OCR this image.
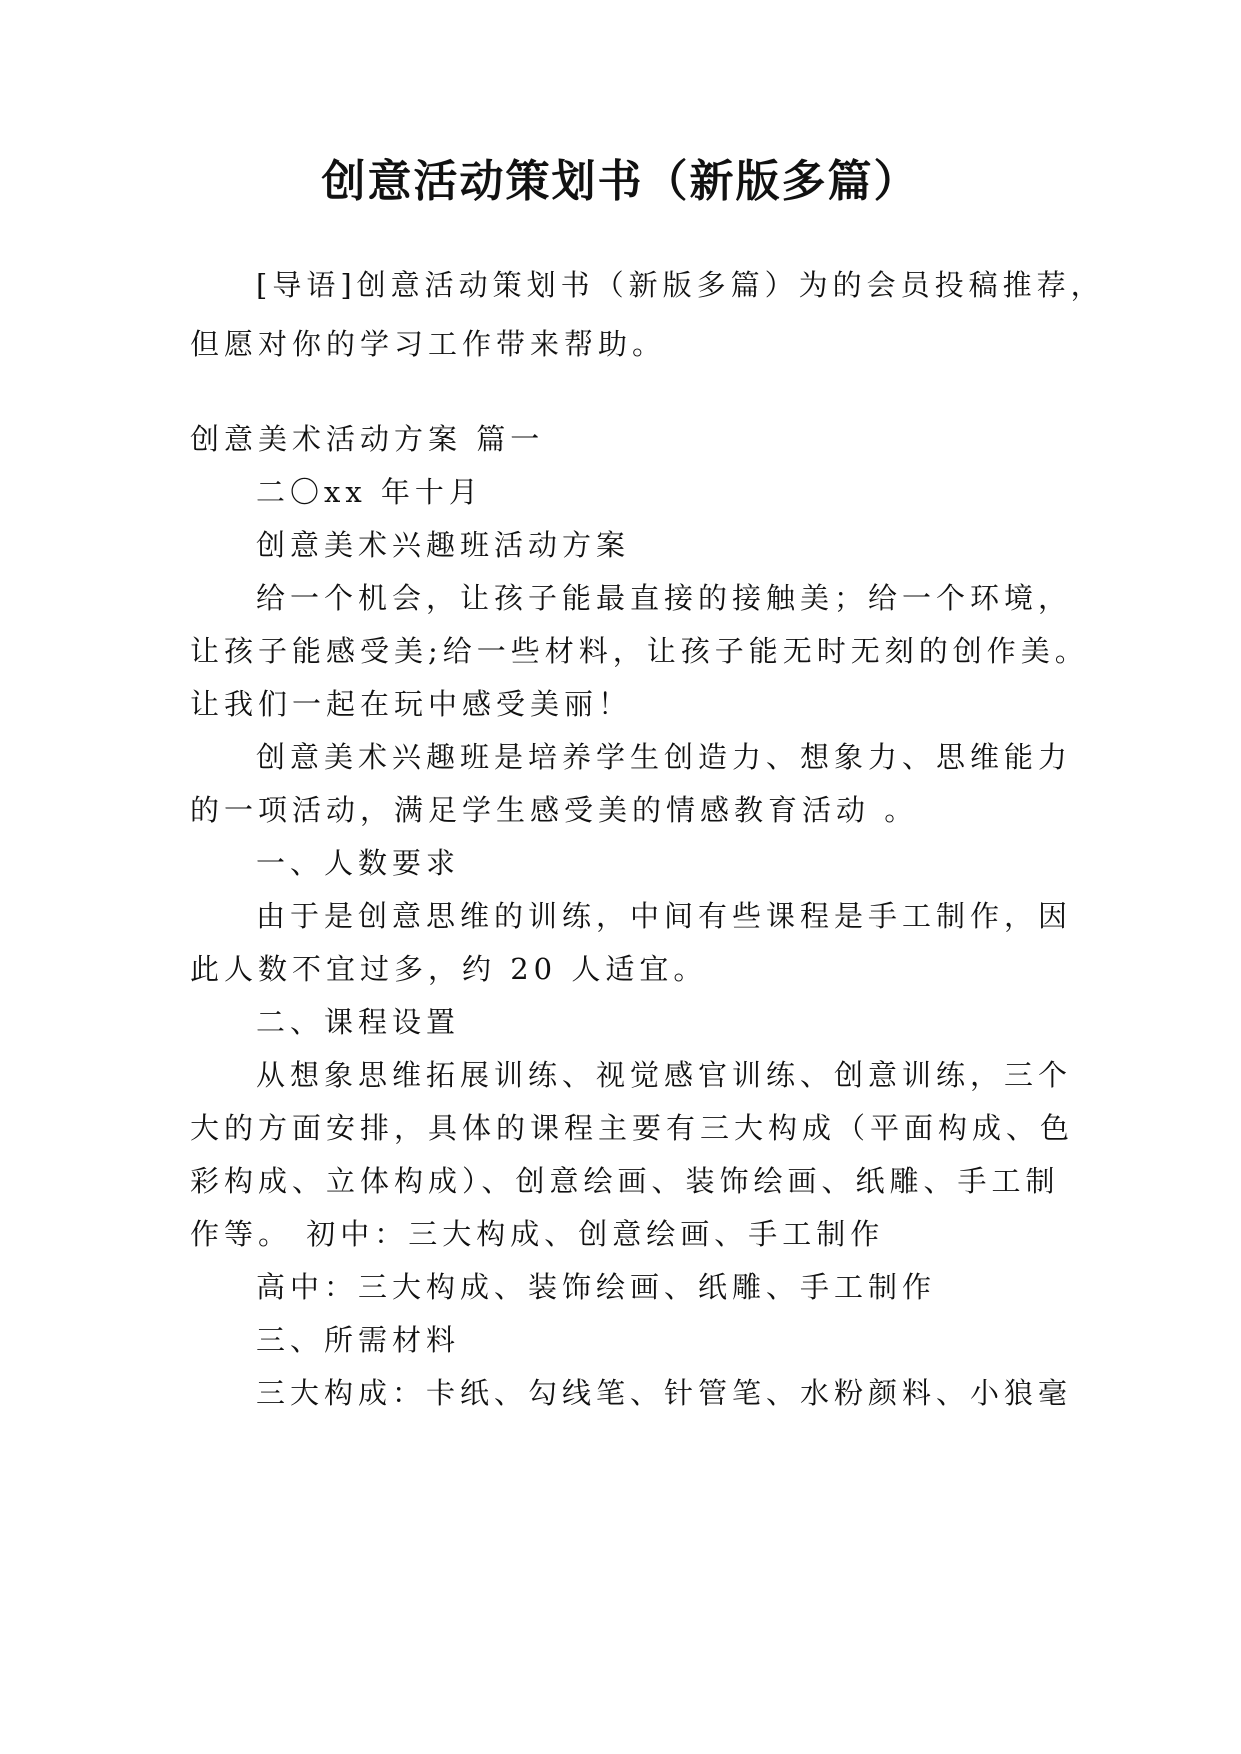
创意活动策划书（新版多篇）

[导语]创意活动策划书（新版多篇）为的会员投稿推荐，

但愿对你的学习工作带来帮助。

创意美术活动方案 篇一

二〇xx 年十月

创意美术兴趣班活动方案

给一个机会，让孩子能最直接的接触美；给一个环境，

让孩子能感受美;给一些材料，让孩子能无时无刻的创作美。

让我们一起在玩中感受美丽！

创意美术兴趣班是培养学生创造力、想象力、思维能力

的一项活动，满足学生感受美的情感教育活动 。

一、人数要求

由于是创意思维的训练，中间有些课程是手工制作，因

此人数不宜过多，约 20 人适宜。

二、课程设置

从想象思维拓展训练、视觉感官训练、创意训练，三个

大的方面安排，具体的课程主要有三大构成（平面构成、色

彩构成、立体构成）、创意绘画、装饰绘画、纸雕、手工制

作等。 初中：三大构成、创意绘画、手工制作

高中：三大构成、装饰绘画、纸雕、手工制作

三、所需材料

三大构成：卡纸、勾线笔、针管笔、水粉颜料、小狼毫
